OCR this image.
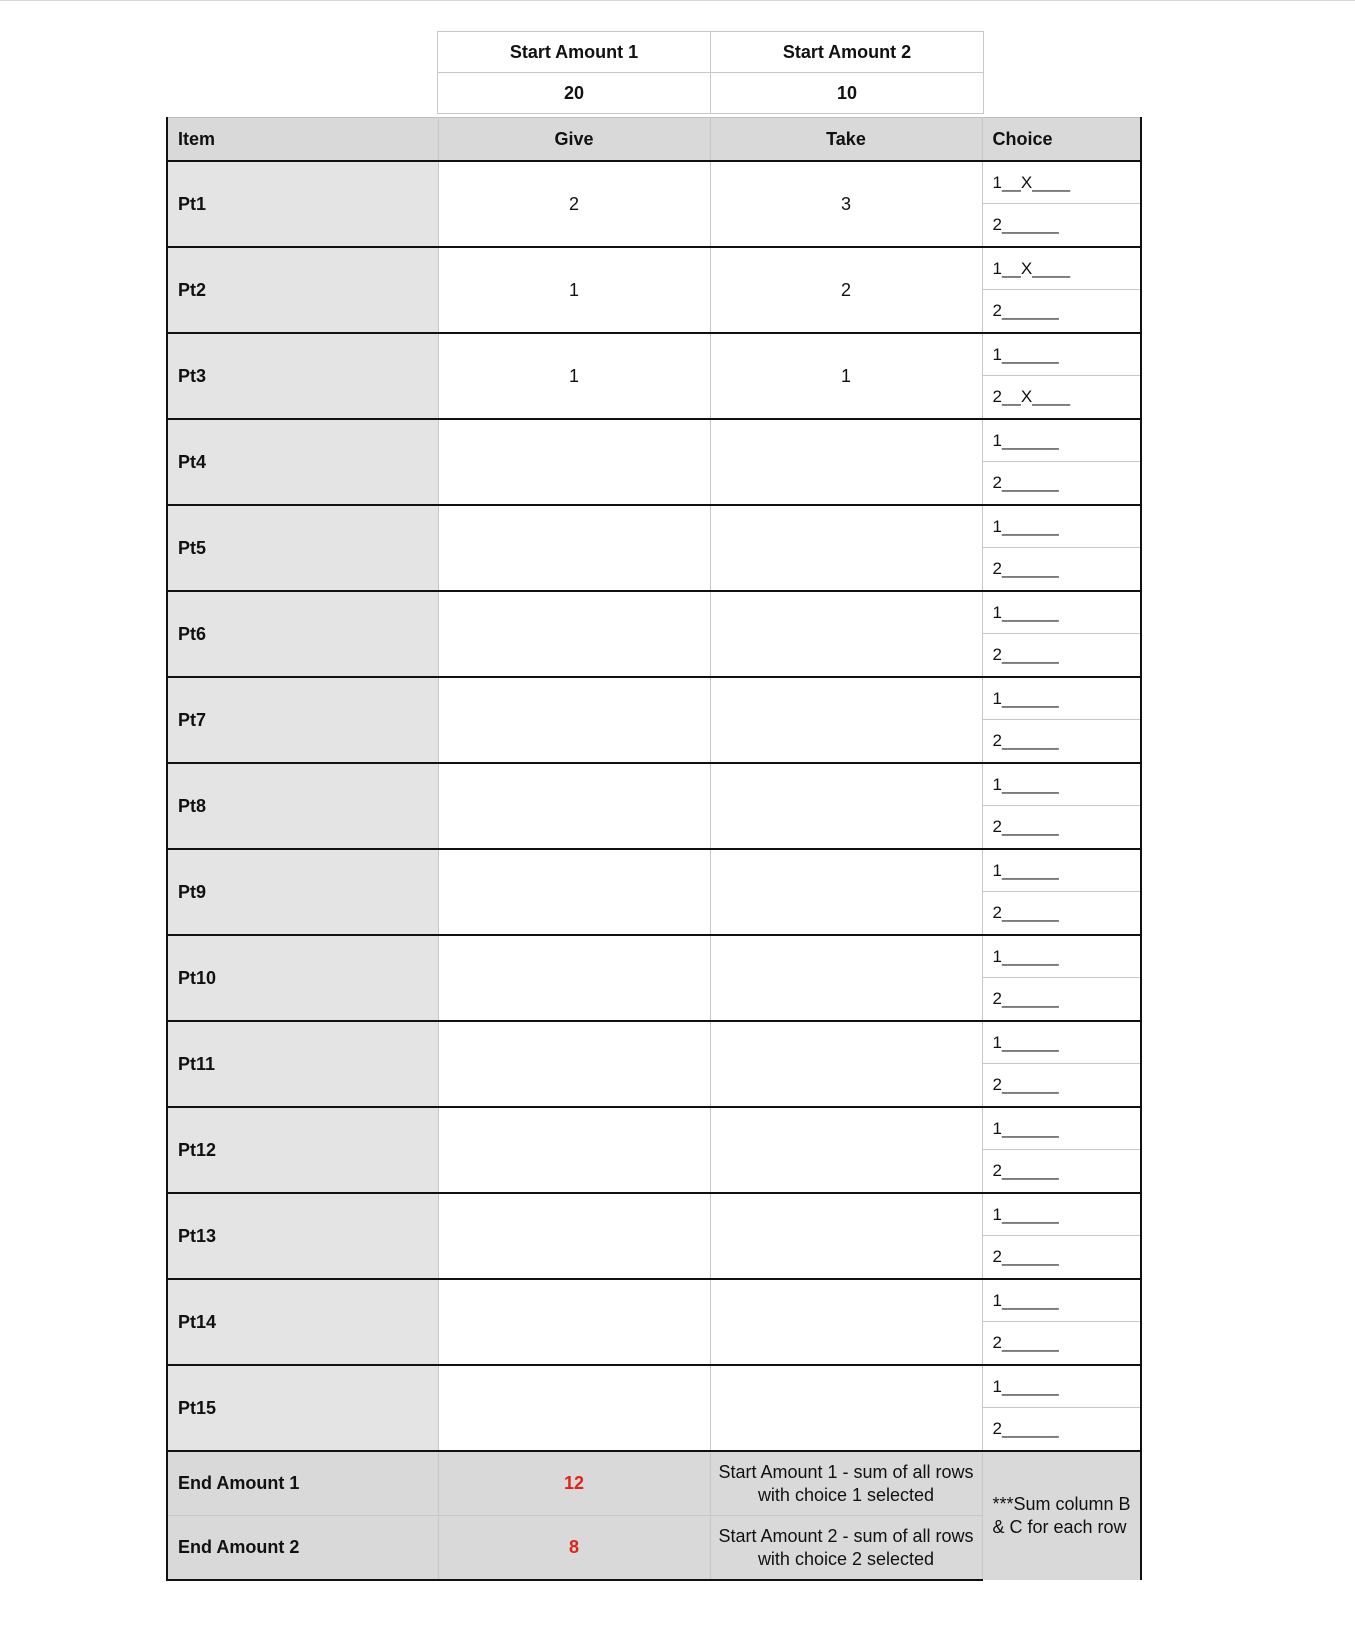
Start Amount 1	Start Amount 2
20	10
Item	Give	Take	Choice
Pt1	2	3	1__X____
2______

Pt2	1	2	1__X____
2______

Pt3	1	1	1______
2__X____

Pt4			1______
2______

Pt5			1______
2______

Pt6			1______
2______

Pt7			1______
2______

Pt8			1______
2______

Pt9			1______
2______

Pt10			1______
2______

Pt11			1______
2______

Pt12			1______
2______

Pt13			1______
2______

Pt14			1______
2______

Pt15			1______
2______

End Amount 1	12	Start Amount 1 - sum of all rows with choice 1 selected	***Sum column B & C for each row
End Amount 2	8	Start Amount 2 - sum of all rows with choice 2 selected	
